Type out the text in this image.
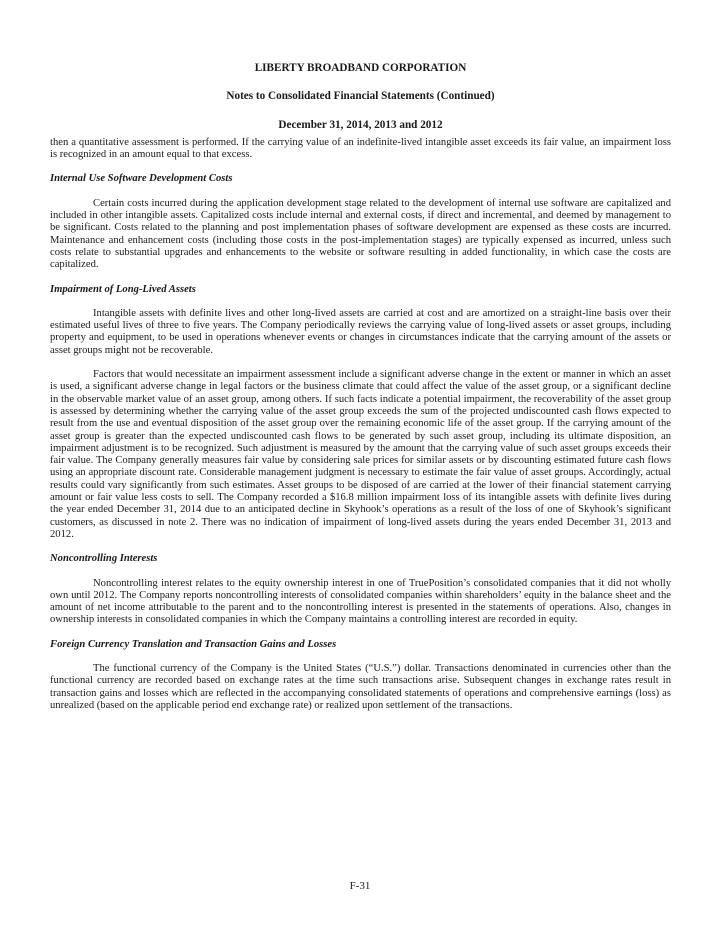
LIBERTY BROADBAND CORPORATION

Notes to Consolidated Financial Statements (Continued)

December 31, 2014, 2013 and 2012

then a quantitative assessment is performed. If the carrying value of an indefinite-lived intangible asset exceeds its fair value, an impairment loss is recognized in an amount equal to that excess.

Internal Use Software Development Costs

Certain costs incurred during the application development stage related to the development of internal use software are capitalized and included in other intangible assets. Capitalized costs include internal and external costs, if direct and incremental, and deemed by management to be significant. Costs related to the planning and post implementation phases of software development are expensed as these costs are incurred. Maintenance and enhancement costs (including those costs in the post-implementation stages) are typically expensed as incurred, unless such costs relate to substantial upgrades and enhancements to the website or software resulting in added functionality, in which case the costs are capitalized.

Impairment of Long-Lived Assets

Intangible assets with definite lives and other long-lived assets are carried at cost and are amortized on a straight-line basis over their estimated useful lives of three to five years. The Company periodically reviews the carrying value of long-lived assets or asset groups, including property and equipment, to be used in operations whenever events or changes in circumstances indicate that the carrying amount of the assets or asset groups might not be recoverable.

Factors that would necessitate an impairment assessment include a significant adverse change in the extent or manner in which an asset is used, a significant adverse change in legal factors or the business climate that could affect the value of the asset group, or a significant decline in the observable market value of an asset group, among others. If such facts indicate a potential impairment, the recoverability of the asset group is assessed by determining whether the carrying value of the asset group exceeds the sum of the projected undiscounted cash flows expected to result from the use and eventual disposition of the asset group over the remaining economic life of the asset group. If the carrying amount of the asset group is greater than the expected undiscounted cash flows to be generated by such asset group, including its ultimate disposition, an impairment adjustment is to be recognized. Such adjustment is measured by the amount that the carrying value of such asset groups exceeds their fair value. The Company generally measures fair value by considering sale prices for similar assets or by discounting estimated future cash flows using an appropriate discount rate. Considerable management judgment is necessary to estimate the fair value of asset groups. Accordingly, actual results could vary significantly from such estimates. Asset groups to be disposed of are carried at the lower of their financial statement carrying amount or fair value less costs to sell. The Company recorded a $16.8 million impairment loss of its intangible assets with definite lives during the year ended December 31, 2014 due to an anticipated decline in Skyhook’s operations as a result of the loss of one of Skyhook’s significant customers, as discussed in note 2. There was no indication of impairment of long-lived assets during the years ended December 31, 2013 and 2012.

Noncontrolling Interests

Noncontrolling interest relates to the equity ownership interest in one of TruePosition’s consolidated companies that it did not wholly own until 2012. The Company reports noncontrolling interests of consolidated companies within shareholders’ equity in the balance sheet and the amount of net income attributable to the parent and to the noncontrolling interest is presented in the statements of operations. Also, changes in ownership interests in consolidated companies in which the Company maintains a controlling interest are recorded in equity.

Foreign Currency Translation and Transaction Gains and Losses

The functional currency of the Company is the United States (“U.S.”) dollar. Transactions denominated in currencies other than the functional currency are recorded based on exchange rates at the time such transactions arise. Subsequent changes in exchange rates result in transaction gains and losses which are reflected in the accompanying consolidated statements of operations and comprehensive earnings (loss) as unrealized (based on the applicable period end exchange rate) or realized upon settlement of the transactions.

F-31
